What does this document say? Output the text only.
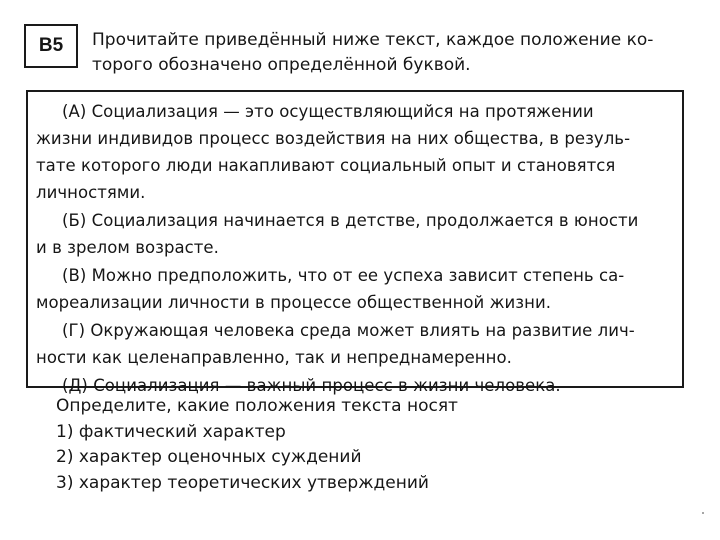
B5	Прочитайте приведённый ниже текст, каждое положение ко-
торого обозначено определённой буквой.

(А) Социализация — это осуществляющийся на протяжении
жизни индивидов процесс воздействия на них общества, в резуль-
тате которого люди накапливают социальный опыт и становятся
личностями.

(Б) Социализация начинается в детстве, продолжается в юности
и в зрелом возрасте.

(В) Можно предположить, что от ее успеха зависит степень са-
мореализации личности в процессе общественной жизни.

(Г) Окружающая человека среда может влиять на развитие лич-
ности как целенаправленно, так и непреднамеренно.

(Д) Социализация — важный процесс в жизни человека.

Определите, какие положения текста носят

1) фактический характер

2) характер оценочных суждений

3) характер теоретических утверждений
